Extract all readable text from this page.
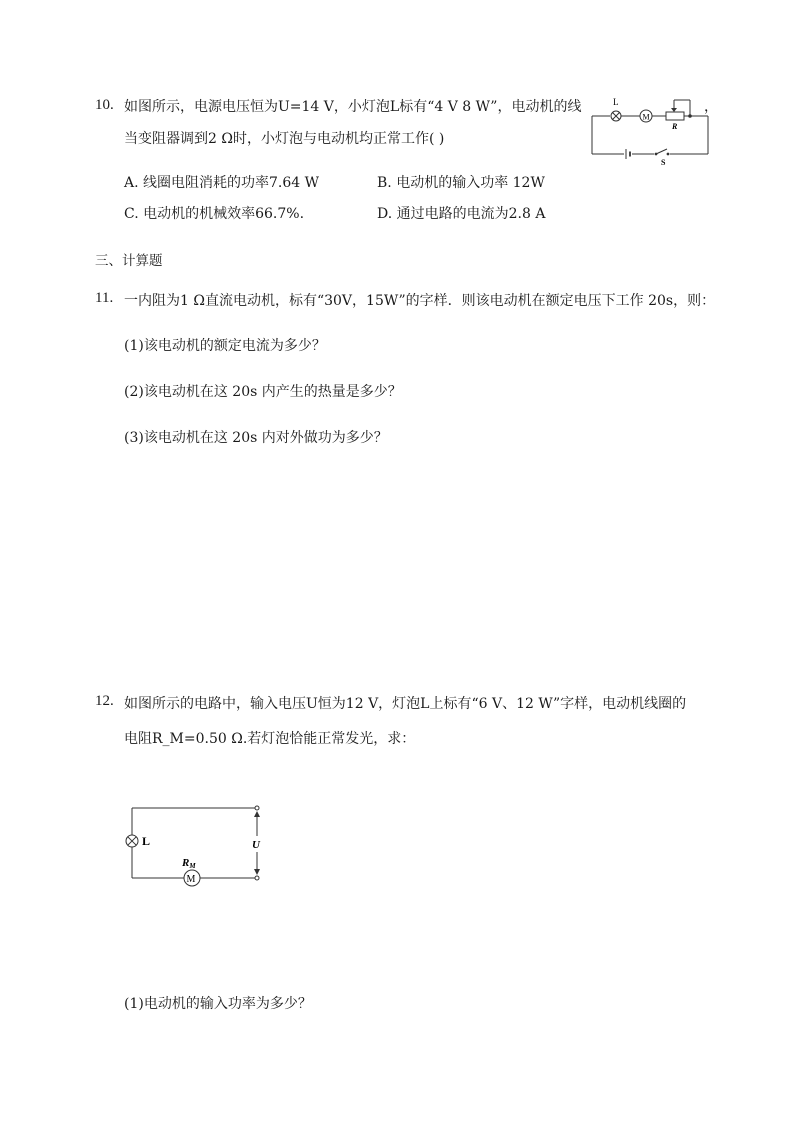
10. 如图所示，电源电压恒为U=14 V，小灯泡L标有“4 V 8 W”，电动机的线	，
当变阻器调到2 Ω时，小灯泡与电动机均正常工作( )
L
M
R
S
A. 线圈电阻消耗的功率7.64 W	B. 电动机的输入功率 12W
C. 电动机的机械效率66.7%.	D. 通过电路的电流为2.8 A
三、计算题
11. 一内阻为1 Ω直流电动机，标有“30V，15W”的字样．则该电动机在额定电压下工作 20s，则：
(1)该电动机的额定电流为多少？
(2)该电动机在这 20s 内产生的热量是多少？
(3)该电动机在这 20s 内对外做功为多少？
12. 如图所示的电路中，输入电压U恒为12 V，灯泡L上标有“6 V、12 W”字样，电动机线圈的
电阻R_M=0.50 Ω.若灯泡恰能正常发光，求：
U
L
M
RM
(1)电动机的输入功率为多少？
